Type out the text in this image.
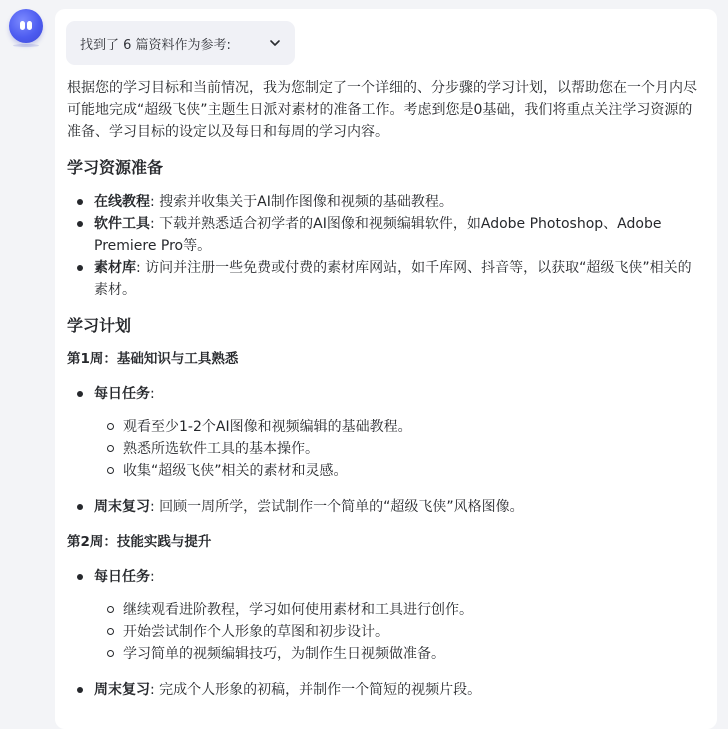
找到了 6 篇资料作为参考:

根据您的学习目标和当前情况，我为您制定了一个详细的、分步骤的学习计划，以帮助您在一个月内尽可能地完成“超级飞侠”主题生日派对素材的准备工作。考虑到您是0基础，我们将重点关注学习资源的准备、学习目标的设定以及每日和每周的学习内容。

学习资源准备
在线教程: 搜索并收集关于AI制作图像和视频的基础教程。
软件工具: 下载并熟悉适合初学者的AI图像和视频编辑软件，如Adobe Photoshop、Adobe Premiere Pro等。
素材库: 访问并注册一些免费或付费的素材库网站，如千库网、抖音等，以获取“超级飞侠”相关的素材。
学习计划
第1周：基础知识与工具熟悉
每日任务:
观看至少1-2个AI图像和视频编辑的基础教程。
熟悉所选软件工具的基本操作。
收集“超级飞侠”相关的素材和灵感。
周末复习: 回顾一周所学，尝试制作一个简单的“超级飞侠”风格图像。
第2周：技能实践与提升
每日任务:
继续观看进阶教程，学习如何使用素材和工具进行创作。
开始尝试制作个人形象的草图和初步设计。
学习简单的视频编辑技巧，为制作生日视频做准备。
周末复习: 完成个人形象的初稿，并制作一个简短的视频片段。
